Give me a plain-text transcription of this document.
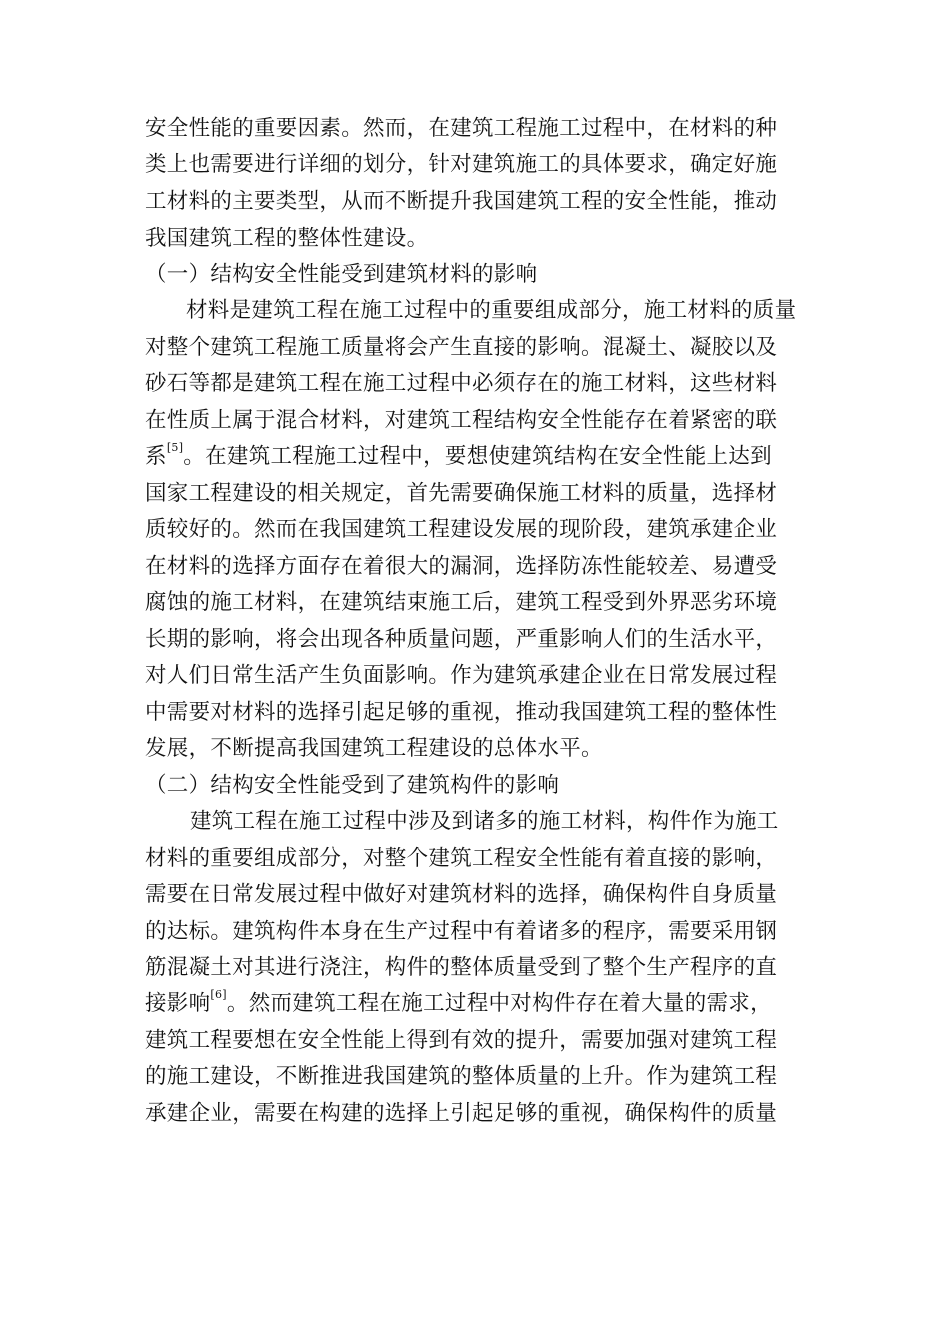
安全性能的重要因素。然而，在建筑工程施工过程中，在材料的种
类上也需要进行详细的划分，针对建筑施工的具体要求，确定好施
工材料的主要类型，从而不断提升我国建筑工程的安全性能，推动
我国建筑工程的整体性建设。
（一）结构安全性能受到建筑材料的影响
材料是建筑工程在施工过程中的重要组成部分，施工材料的质量
对整个建筑工程施工质量将会产生直接的影响。混凝土、凝胶以及
砂石等都是建筑工程在施工过程中必须存在的施工材料，这些材料
在性质上属于混合材料，对建筑工程结构安全性能存在着紧密的联
系[5]。在建筑工程施工过程中，要想使建筑结构在安全性能上达到
国家工程建设的相关规定，首先需要确保施工材料的质量，选择材
质较好的。然而在我国建筑工程建设发展的现阶段，建筑承建企业
在材料的选择方面存在着很大的漏洞，选择防冻性能较差、易遭受
腐蚀的施工材料，在建筑结束施工后，建筑工程受到外界恶劣环境
长期的影响，将会出现各种质量问题，严重影响人们的生活水平，
对人们日常生活产生负面影响。作为建筑承建企业在日常发展过程
中需要对材料的选择引起足够的重视，推动我国建筑工程的整体性
发展，不断提高我国建筑工程建设的总体水平。
（二）结构安全性能受到了建筑构件的影响
建筑工程在施工过程中涉及到诸多的施工材料，构件作为施工
材料的重要组成部分，对整个建筑工程安全性能有着直接的影响，
需要在日常发展过程中做好对建筑材料的选择，确保构件自身质量
的达标。建筑构件本身在生产过程中有着诸多的程序，需要采用钢
筋混凝土对其进行浇注，构件的整体质量受到了整个生产程序的直
接影响[6]。然而建筑工程在施工过程中对构件存在着大量的需求，
建筑工程要想在安全性能上得到有效的提升，需要加强对建筑工程
的施工建设，不断推进我国建筑的整体质量的上升。作为建筑工程
承建企业，需要在构建的选择上引起足够的重视，确保构件的质量
